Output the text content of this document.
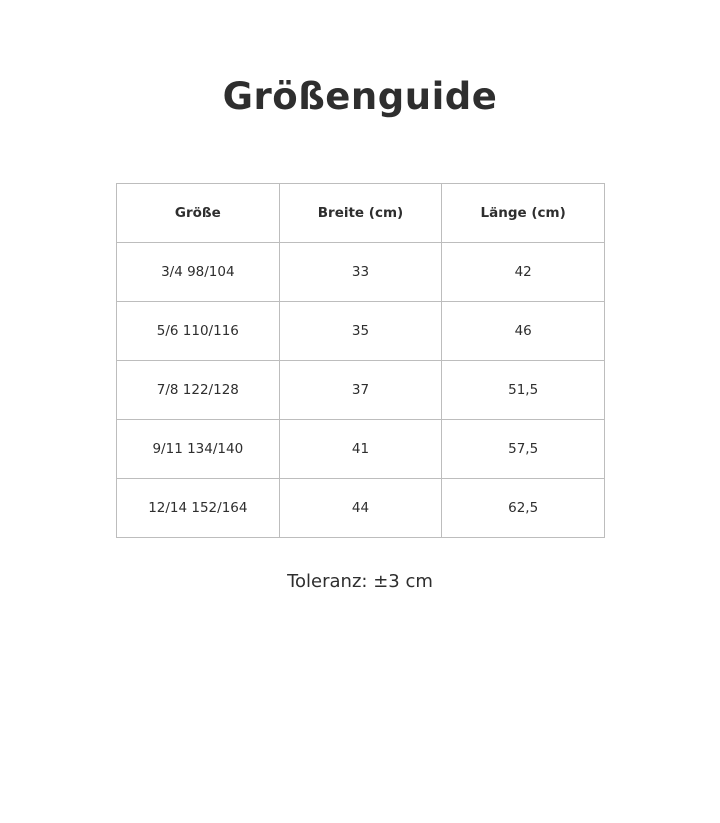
Größenguide
Größe	Breite (cm)	Länge (cm)
3/4 98/104	33	42
5/6 110/116	35	46
7/8 122/128	37	51,5
9/11 134/140	41	57,5
12/14 152/164	44	62,5

Toleranz: ±3 cm
